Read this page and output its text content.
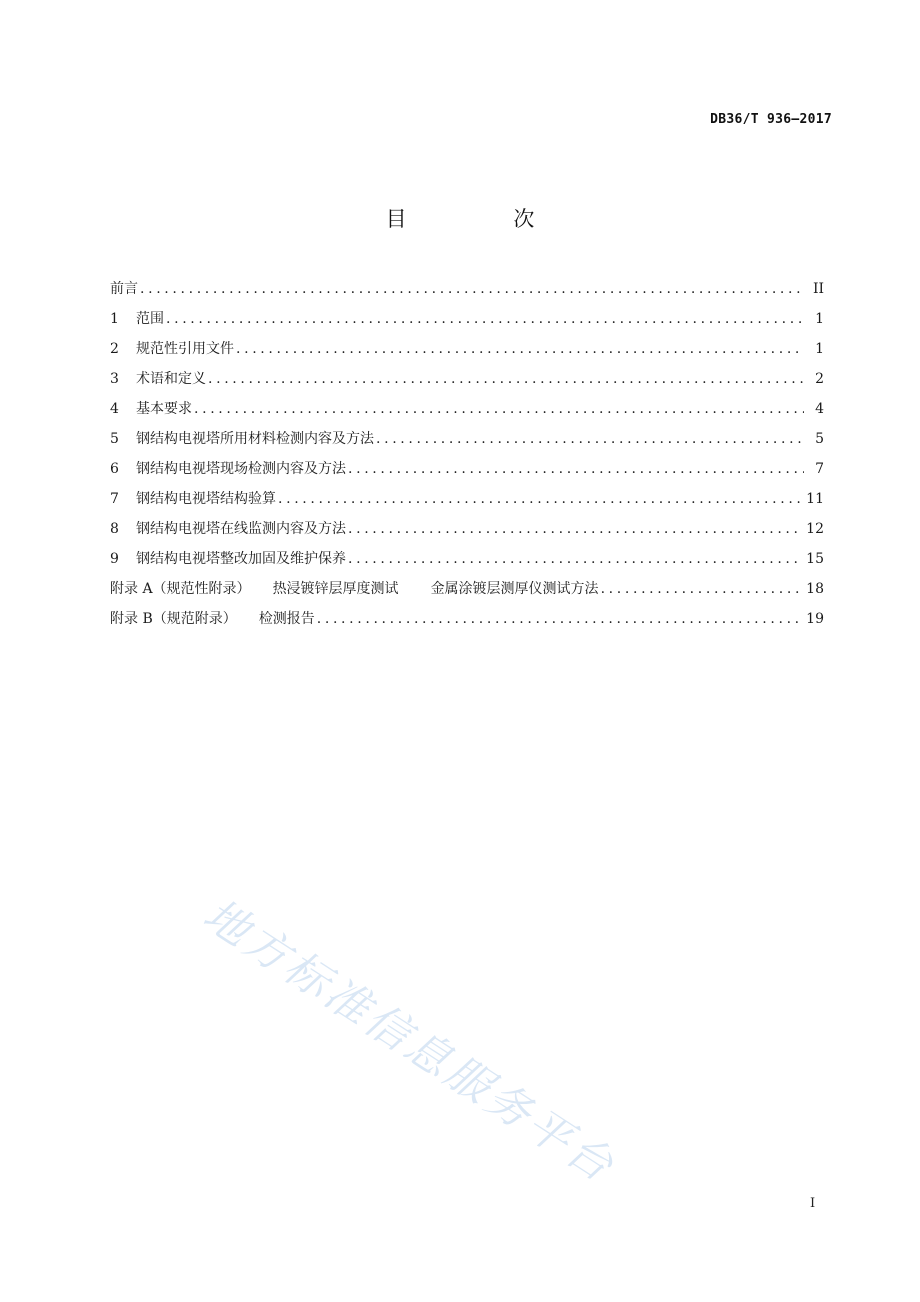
DB36/T 936—2017
目 次
前言 . . .	II
1	范围 . . .	1
2	规范性引用文件 . . .	1
3	术语和定义 . . .	2
4	基本要求 . . .	4
5	钢结构电视塔所用材料检测内容及方法 . . .	5
6	钢结构电视塔现场检测内容及方法 . . .	7
7	钢结构电视塔结构验算 . . .	11
8	钢结构电视塔在线监测内容及方法 . . .	12
9	钢结构电视塔整改加固及维护保养 . . .	15
附录 A（规范性附录） 热浸镀锌层厚度测试 金属涂镀层测厚仪测试方法 . . .	18
附录 B（规范附录） 检测报告 . . .	19
地方标准信息服务平台
I
